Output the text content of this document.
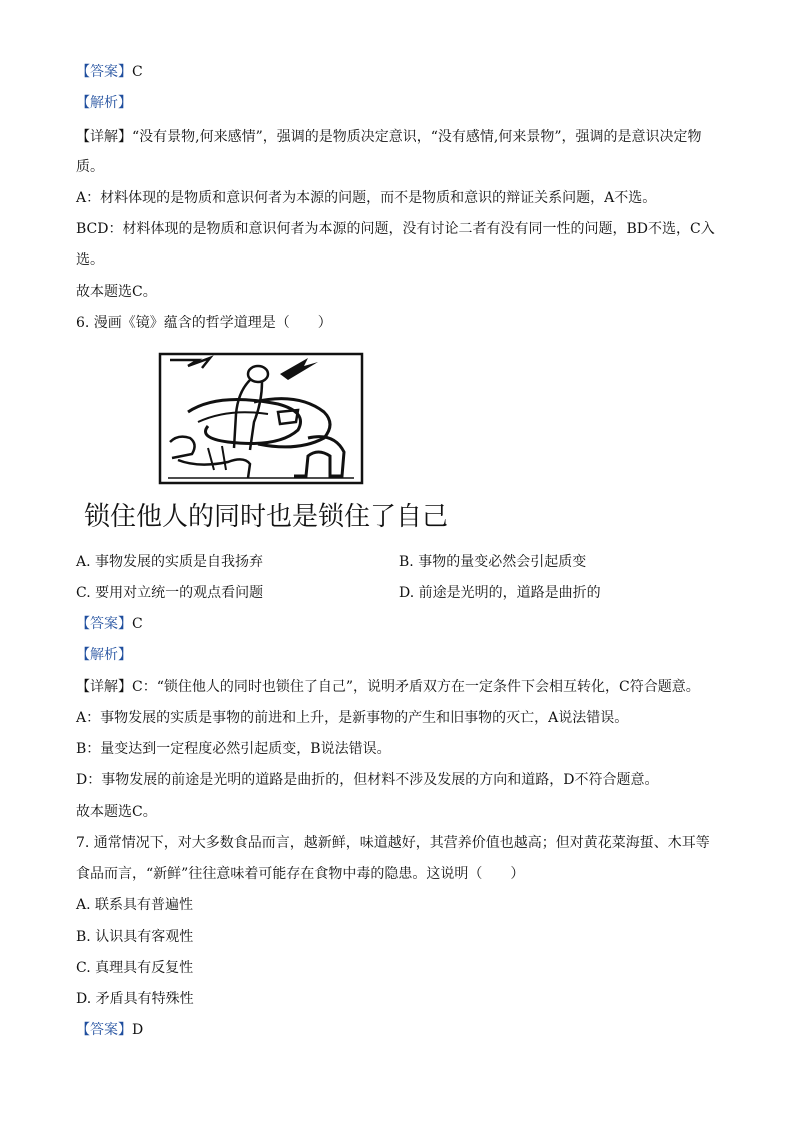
【答案】C
【解析】
【详解】“没有景物,何来感情”，强调的是物质决定意识，“没有感情,何来景物”，强调的是意识决定物
质。
A：材料体现的是物质和意识何者为本源的问题，而不是物质和意识的辩证关系问题，A不选。
BCD：材料体现的是物质和意识何者为本源的问题，没有讨论二者有没有同一性的问题，BD不选，C入
选。
故本题选C。
6. 漫画《镜》蕴含的哲学道理是（　　）
锁住他人的同时也是锁住了自己
A. 事物发展的实质是自我扬弃	B. 事物的量变必然会引起质变
C. 要用对立统一的观点看问题	D. 前途是光明的，道路是曲折的
【答案】C
【解析】
【详解】C：“锁住他人的同时也锁住了自己”，说明矛盾双方在一定条件下会相互转化，C符合题意。
A：事物发展的实质是事物的前进和上升，是新事物的产生和旧事物的灭亡，A说法错误。
B：量变达到一定程度必然引起质变，B说法错误。
D：事物发展的前途是光明的道路是曲折的，但材料不涉及发展的方向和道路，D不符合题意。
故本题选C。
7. 通常情况下，对大多数食品而言，越新鲜，味道越好，其营养价值也越高；但对黄花菜海蜇、木耳等
食品而言，“新鲜”往往意味着可能存在食物中毒的隐患。这说明（　　）
A. 联系具有普遍性
B. 认识具有客观性
C. 真理具有反复性
D. 矛盾具有特殊性
【答案】D
